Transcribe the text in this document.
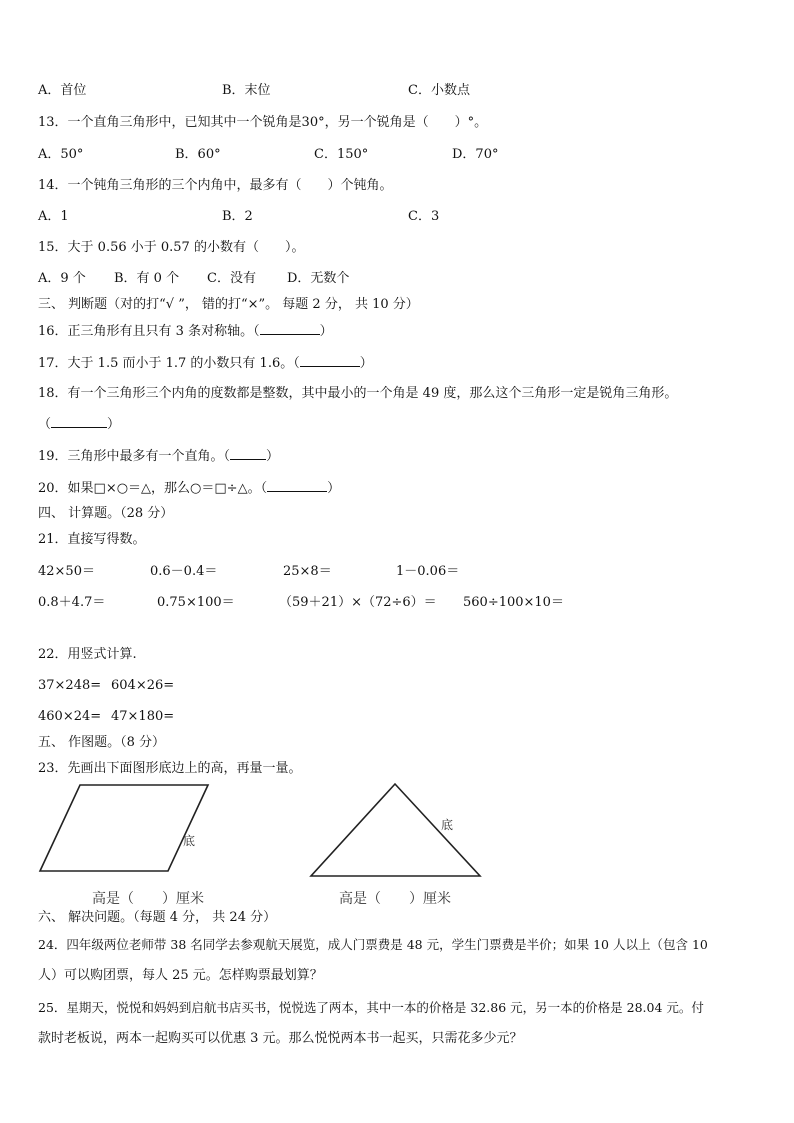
A．首位	B．末位	C．小数点
13．一个直角三角形中，已知其中一个锐角是30°，另一个锐角是（　　）°。
A．50°	B．60°	C．150°	D．70°
14．一个钝角三角形的三个内角中，最多有（　　）个钝角。
A．1	B．2	C．3
15．大于 0.56 小于 0.57 的小数有（　　）。
A．9 个 B．有 0 个 C．没有 D．无数个
三、 判断题（对的打“√ ”， 错的打“×”。 每题 2 分， 共 10 分）
16．正三角形有且只有 3 条对称轴。（	）
17．大于 1.5 而小于 1.7 的小数只有 1.6。（	）
18．有一个三角形三个内角的度数都是整数，其中最小的一个角是 49 度，那么这个三角形一定是锐角三角形。
（	）
19．三角形中最多有一个直角。（	）
20．如果□×○＝△，那么○＝□÷△。（	）
四、 计算题。（28 分）
21．直接写得数。
42×50＝	0.6－0.4＝	25×8＝	1－0.06＝
0.8＋4.7＝	0.75×100＝	（59＋21）×（72÷6）＝ 560÷100×10＝
22．用竖式计算.
37×248= 604×26=
460×24= 47×180=
五、 作图题。（8 分）
23．先画出下面图形底边上的高，再量一量。
底
高是（　　）厘米
底
高是（　　）厘米
六、 解决问题。（每题 4 分， 共 24 分）
24．四年级两位老师带 38 名同学去参观航天展览，成人门票费是 48 元，学生门票费是半价；如果 10 人以上（包含 10
人）可以购团票，每人 25 元。怎样购票最划算？
25．星期天，悦悦和妈妈到启航书店买书，悦悦选了两本，其中一本的价格是 32.86 元，另一本的价格是 28.04 元。付
款时老板说，两本一起购买可以优惠 3 元。那么悦悦两本书一起买，只需花多少元？
